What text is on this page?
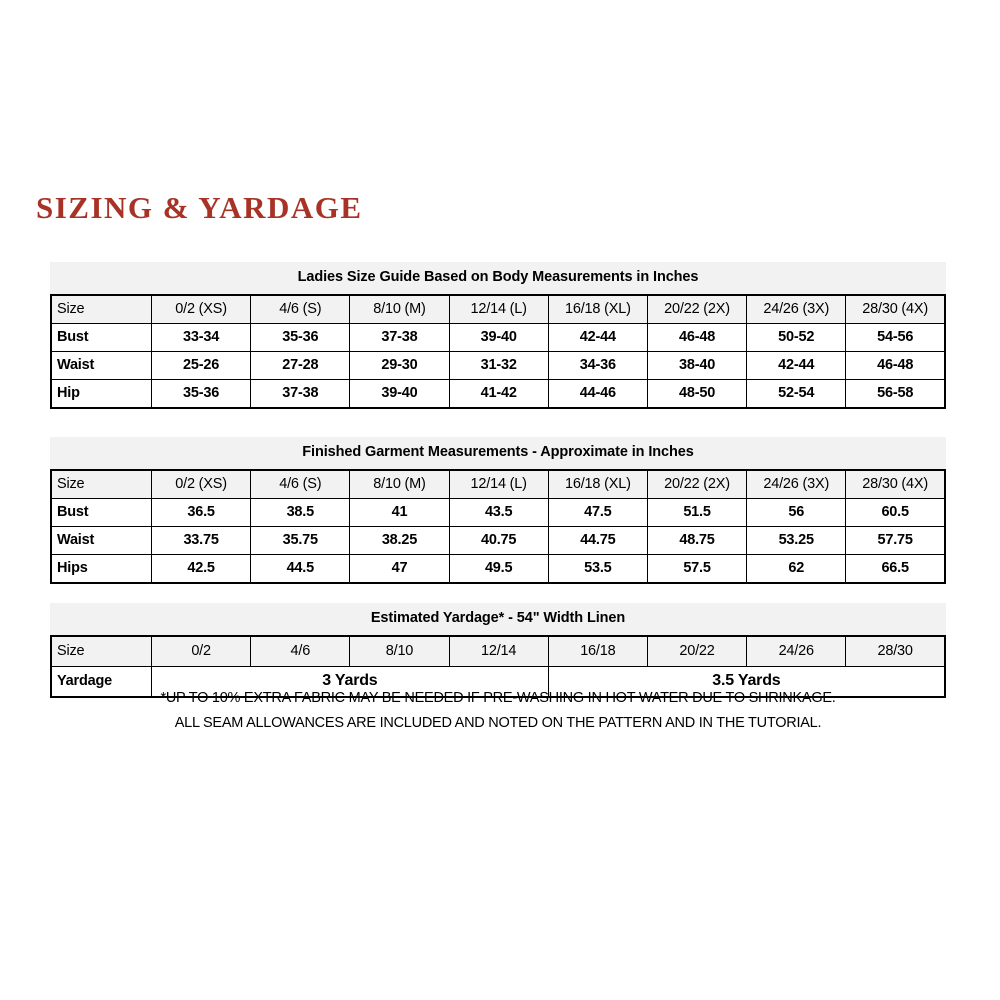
SIZING & YARDAGE
Ladies Size Guide Based on Body Measurements in Inches
Size	0/2 (XS)	4/6 (S)	8/10 (M)	12/14 (L)	16/18 (XL)	20/22 (2X)	24/26 (3X)	28/30 (4X)
Bust	33-34	35-36	37-38	39-40	42-44	46-48	50-52	54-56
Waist	25-26	27-28	29-30	31-32	34-36	38-40	42-44	46-48
Hip	35-36	37-38	39-40	41-42	44-46	48-50	52-54	56-58
Finished Garment Measurements - Approximate in Inches
Size	0/2 (XS)	4/6 (S)	8/10 (M)	12/14 (L)	16/18 (XL)	20/22 (2X)	24/26 (3X)	28/30 (4X)
Bust	36.5	38.5	41	43.5	47.5	51.5	56	60.5
Waist	33.75	35.75	38.25	40.75	44.75	48.75	53.25	57.75
Hips	42.5	44.5	47	49.5	53.5	57.5	62	66.5
Estimated Yardage* - 54" Width Linen
Size	0/2	4/6	8/10	12/14	16/18	20/22	24/26	28/30
Yardage	3 Yards				3.5 Yards			
*UP TO 10% EXTRA FABRIC MAY BE NEEDED IF PRE-WASHING IN HOT WATER DUE TO SHRINKAGE.
ALL SEAM ALLOWANCES ARE INCLUDED AND NOTED ON THE PATTERN AND IN THE TUTORIAL.
